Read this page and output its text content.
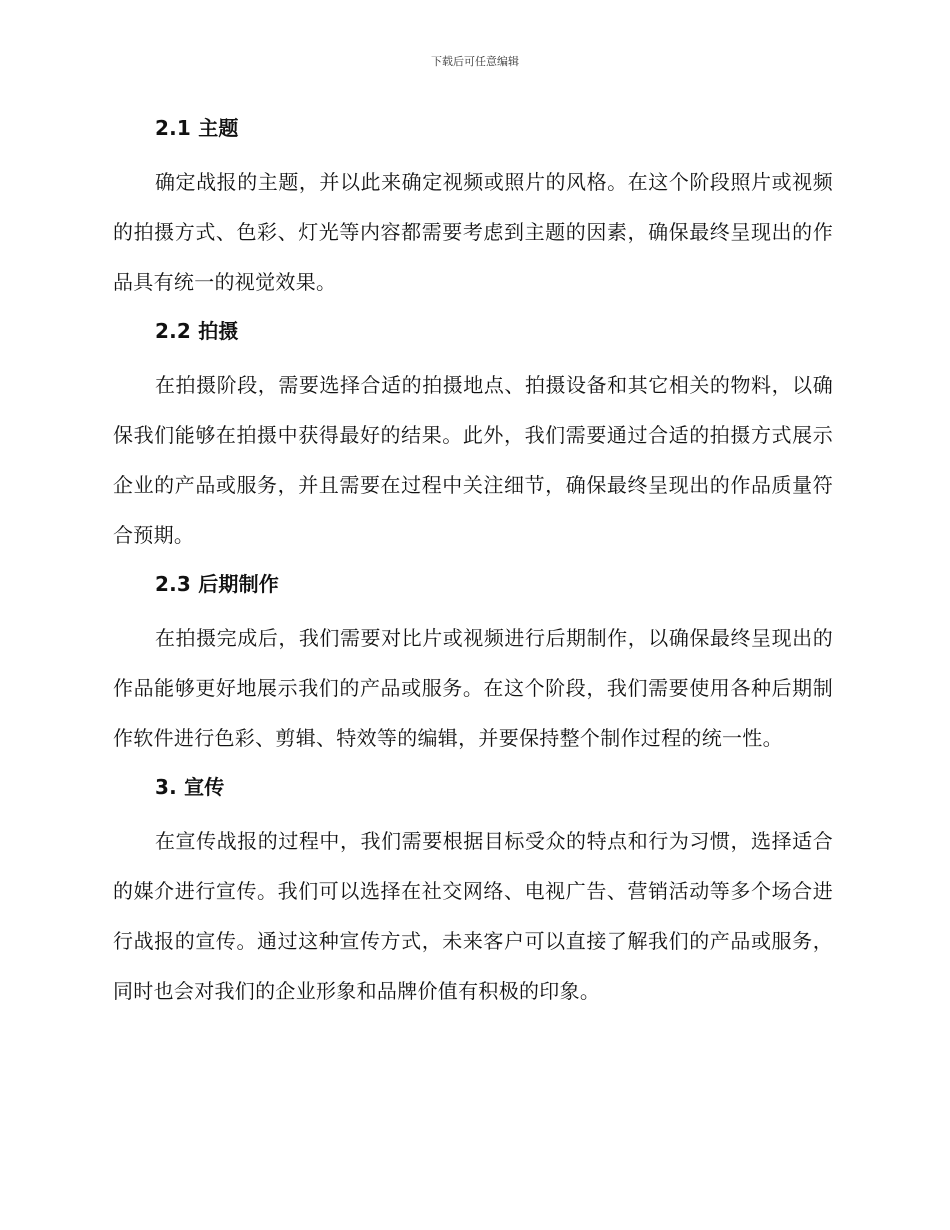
下载后可任意编辑
2.1 主题

确定战报的主题，并以此来确定视频或照片的风格。在这个阶段照片或视频的拍摄方式、色彩、灯光等内容都需要考虑到主题的因素，确保最终呈现出的作品具有统一的视觉效果。

2.2 拍摄

在拍摄阶段，需要选择合适的拍摄地点、拍摄设备和其它相关的物料，以确保我们能够在拍摄中获得最好的结果。此外，我们需要通过合适的拍摄方式展示企业的产品或服务，并且需要在过程中关注细节，确保最终呈现出的作品质量符合预期。

2.3 后期制作

在拍摄完成后，我们需要对比片或视频进行后期制作，以确保最终呈现出的作品能够更好地展示我们的产品或服务。在这个阶段，我们需要使用各种后期制作软件进行色彩、剪辑、特效等的编辑，并要保持整个制作过程的统一性。

3. 宣传

在宣传战报的过程中，我们需要根据目标受众的特点和行为习惯，选择适合的媒介进行宣传。我们可以选择在社交网络、电视广告、营销活动等多个场合进行战报的宣传。通过这种宣传方式，未来客户可以直接了解我们的产品或服务，同时也会对我们的企业形象和品牌价值有积极的印象。
